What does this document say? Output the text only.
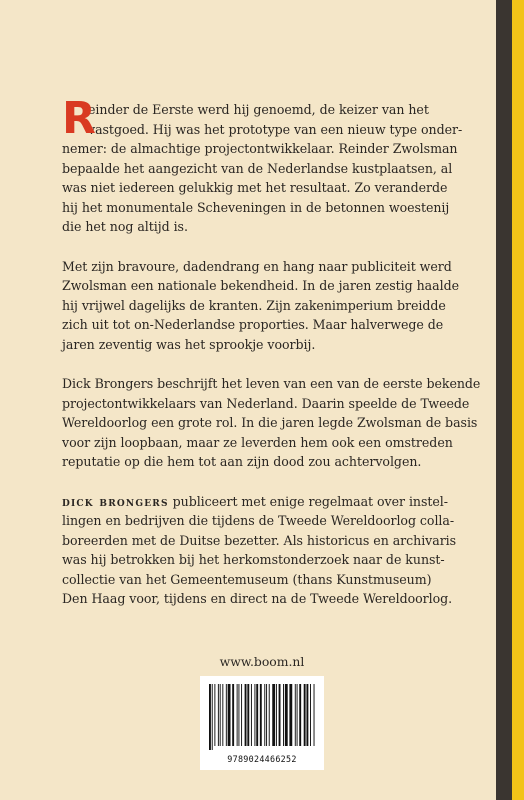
R
einder de Eerste werd hij genoemd, de keizer van het
vastgoed. Hij was het prototype van een nieuw type onder-
nemer: de almachtige projectontwikkelaar. Reinder Zwolsman
bepaalde het aangezicht van de Nederlandse kustplaatsen, al
was niet iedereen gelukkig met het resultaat. Zo veranderde
hij het monumentale Scheveningen in de betonnen woestenij
die het nog altijd is.
Met zijn bravoure, dadendrang en hang naar publiciteit werd
Zwolsman een nationale bekendheid. In de jaren zestig haalde
hij vrijwel dagelijks de kranten. Zijn zakenimperium breidde
zich uit tot on-Nederlandse proporties. Maar halverwege de
jaren zeventig was het sprookje voorbij.
Dick Brongers beschrijft het leven van een van de eerste bekende
projectontwikkelaars van Nederland. Daarin speelde de Tweede
Wereldoorlog een grote rol. In die jaren legde Zwolsman de basis
voor zijn loopbaan, maar ze leverden hem ook een omstreden
reputatie op die hem tot aan zijn dood zou achtervolgen.
dick brongers publiceert met enige regelmaat over instel-
lingen en bedrijven die tijdens de Tweede Wereldoorlog colla-
boreerden met de Duitse bezetter. Als historicus en archivaris
was hij betrokken bij het herkomstonderzoek naar de kunst-
collectie van het Gemeentemuseum (thans Kunstmuseum)
Den Haag voor, tijdens en direct na de Tweede Wereldoorlog.
www.boom.nl
9789024466252
